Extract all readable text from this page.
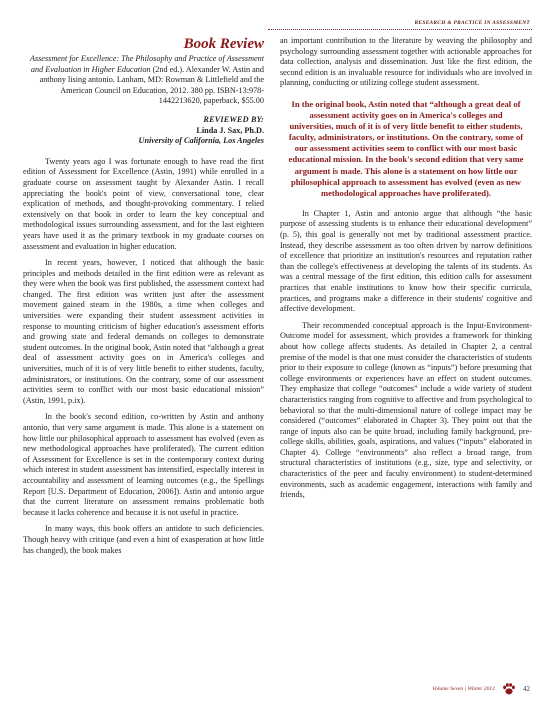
RESEARCH & PRACTICE IN ASSESSMENT
Book Review

Assessment for Excellence: The Philosophy and Practice of Assessment and Evaluation in Higher Education (2nd ed.). Alexander W. Astin and anthony lising antonio. Lanham, MD: Rowman & Littlefield and the American Council on Education, 2012. 380 pp. ISBN-13:978-1442213620, paperback, $55.00

REVIEWED BY:
Linda J. Sax, Ph.D.
University of California, Los Angeles

Twenty years ago I was fortunate enough to have read the first edition of Assessment for Excellence (Astin, 1991) while enrolled in a graduate course on assessment taught by Alexander Astin. I recall appreciating the book's point of view, conversational tone, clear explication of methods, and thought-provoking commentary. I relied extensively on that book in order to learn the key conceptual and methodological issues surrounding assessment, and for the last eighteen years have used it as the primary textbook in my graduate courses on assessment and evaluation in higher education.

In recent years, however, I noticed that although the basic principles and methods detailed in the first edition were as relevant as they were when the book was first published, the assessment context had changed. The first edition was written just after the assessment movement gained steam in the 1980s, a time when colleges and universities were expanding their student assessment activities in response to mounting criticism of higher education's assessment efforts and growing state and federal demands on colleges to demonstrate student outcomes. In the original book, Astin noted that “although a great deal of assessment activity goes on in America's colleges and universities, much of it is of very little benefit to either students, faculty, administrators, or institutions. On the contrary, some of our assessment activities seem to conflict with our most basic educational mission” (Astin, 1991, p.ix).

In the book's second edition, co-written by Astin and anthony antonio, that very same argument is made. This alone is a statement on how little our philosophical approach to assessment has evolved (even as new methodological approaches have proliferated). The current edition of Assessment for Excellence is set in the contemporary context during which interest in student assessment has intensified, especially interest in accountability and assessment of learning outcomes (e.g., the Spellings Report [U.S. Department of Education, 2006]). Astin and antonio argue that the current literature on assessment remains problematic both because it lacks coherence and because it is not useful in practice.

In many ways, this book offers an antidote to such deficiencies. Though heavy with critique (and even a hint of exasperation at how little has changed), the book makes

an important contribution to the literature by weaving the philosophy and psychology surrounding assessment together with actionable approaches for data collection, analysis and dissemination. Just like the first edition, the second edition is an invaluable resource for individuals who are involved in planning, conducting or utilizing college student assessment.

In the original book, Astin noted that “although a great deal of assessment activity goes on in America's colleges and universities, much of it is of very little benefit to either students, faculty, administrators, or institutions. On the contrary, some of our assessment activities seem to conflict with our most basic educational mission. In the book's second edition that very same argument is made. This alone is a statement on how little our philosophical approach to assessment has evolved (even as new methodological approaches have proliferated).

In Chapter 1, Astin and antonio argue that although “the basic purpose of assessing students is to enhance their educational development” (p. 5), this goal is generally not met by traditional assessment practice. Instead, they describe assessment as too often driven by narrow definitions of excellence that prioritize an institution's resources and reputation rather than the college's effectiveness at developing the talents of its students. As was a central message of the first edition, this edition calls for assessment practices that enable institutions to know how their specific curricula, practices, and programs make a difference in their students' cognitive and affective development.

Their recommended conceptual approach is the Input-Environment-Outcome model for assessment, which provides a framework for thinking about how college affects students. As detailed in Chapter 2, a central premise of the model is that one must consider the characteristics of students prior to their exposure to college (known as “inputs”) before presuming that college environments or experiences have an effect on student outcomes. They emphasize that college “outcomes” include a wide variety of student characteristics ranging from cognitive to affective and from psychological to behavioral so that the multi-dimensional nature of college impact may be considered (“outcomes” elaborated in Chapter 3). They point out that the range of inputs also can be quite broad, including family background, pre-college skills, abilities, goals, aspirations, and values (“inputs” elaborated in Chapter 4). College “environments” also reflect a broad range, from structural characteristics of institutions (e.g., size, type and selectivity, or characteristics of the peer and faculty environment) to student-determined environments, such as academic engagement, interactions with family and friends,

Volume Seven | Winter 2012	42
